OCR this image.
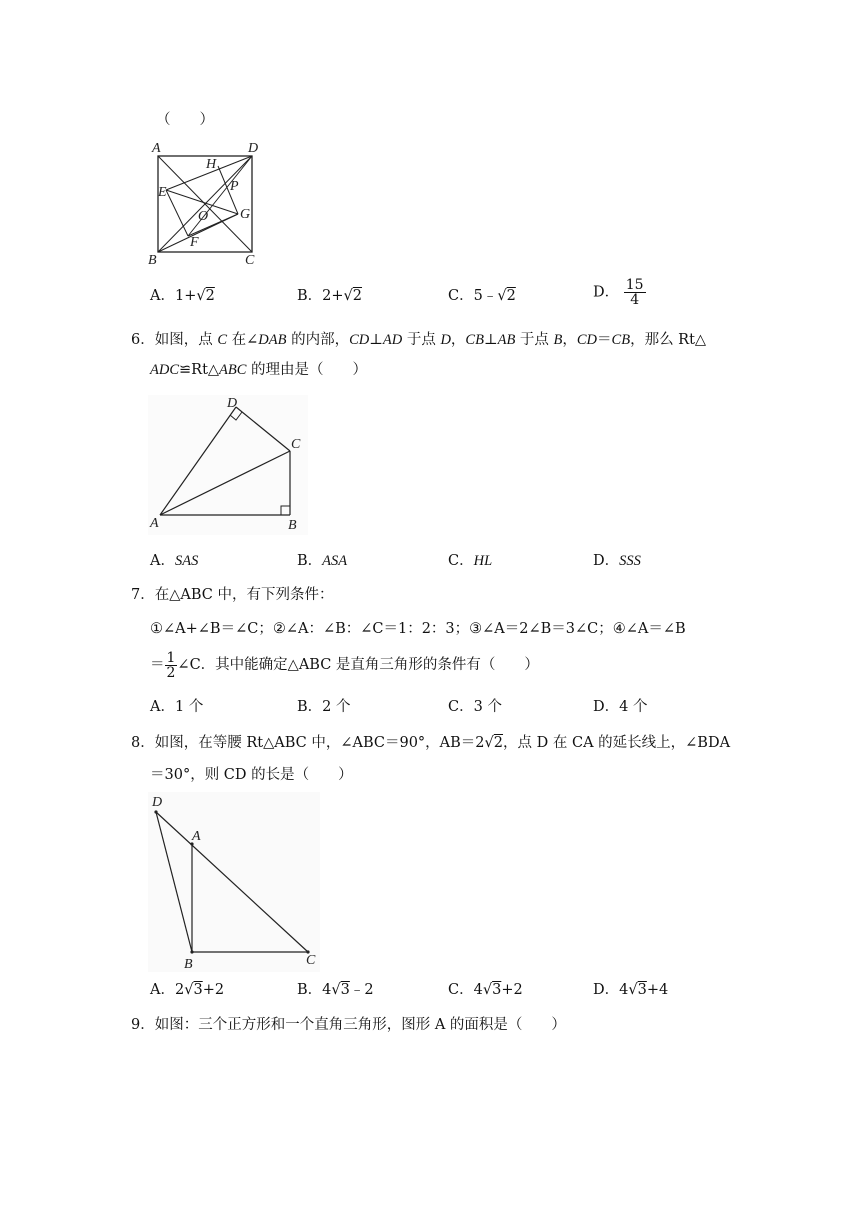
（　　）
A	D
H
P
E
O G
F
B	C
A．1+√2	B．2+√2	C．5﹣√2	D． $\frac{15}{4}$
6．如图，点 C 在∠DAB 的内部，CD⊥AD 于点 D，CB⊥AB 于点 B，CD＝CB，那么 Rt△
ADC≌Rt△ABC 的理由是（　　）
D
C
A	B
A．SAS	B．ASA	C．HL	D．SSS
7．在△ABC 中，有下列条件：
①∠A+∠B＝∠C；②∠A：∠B：∠C＝1：2：3；③∠A＝2∠B＝3∠C；④∠A＝∠B
＝ $\frac{1}{2}$ ∠C．其中能确定△ABC 是直角三角形的条件有（　　）
A．1 个	B．2 个	C．3 个	D．4 个
8．如图，在等腰 Rt△ABC 中，∠ABC＝90°，AB＝2√2，点 D 在 CA 的延长线上，∠BDA
＝30°，则 CD 的长是（　　）
D
A
B	C
A．2√3+2	B．4√3﹣2	C．4√3+2	D．4√3+4
9．如图：三个正方形和一个直角三角形，图形 A 的面积是（　　）
